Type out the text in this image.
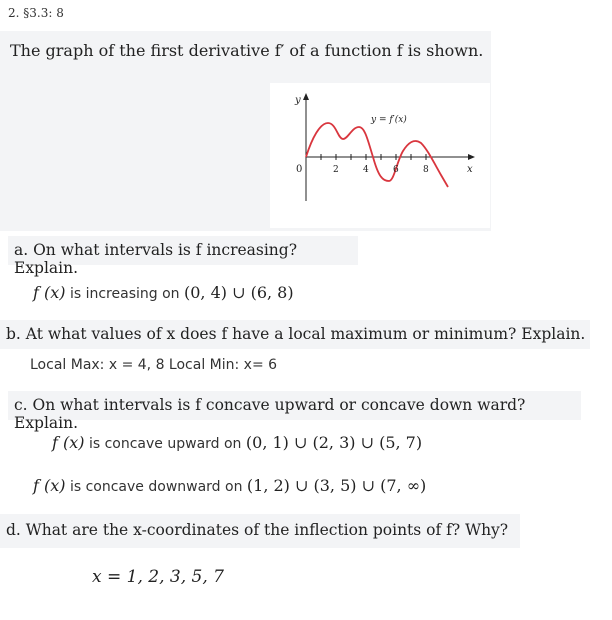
2. §3.3: 8
The graph of the first derivative f′ of a function f is shown.
y
x
y = f′(x)
0	2	4	6	8
a. On what intervals is f increasing? Explain.
f (x) is increasing on (0, 4) ∪ (6, 8)
b. At what values of x does f have a local maximum or minimum? Explain.
Local Max: x = 4, 8 Local Min: x= 6
c. On what intervals is f concave upward or concave down ward? Explain.
f (x) is concave upward on (0, 1) ∪ (2, 3) ∪ (5, 7)
f (x) is concave downward on (1, 2) ∪ (3, 5) ∪ (7, ∞)
d. What are the x-coordinates of the inflection points of f? Why?
x = 1, 2, 3, 5, 7
